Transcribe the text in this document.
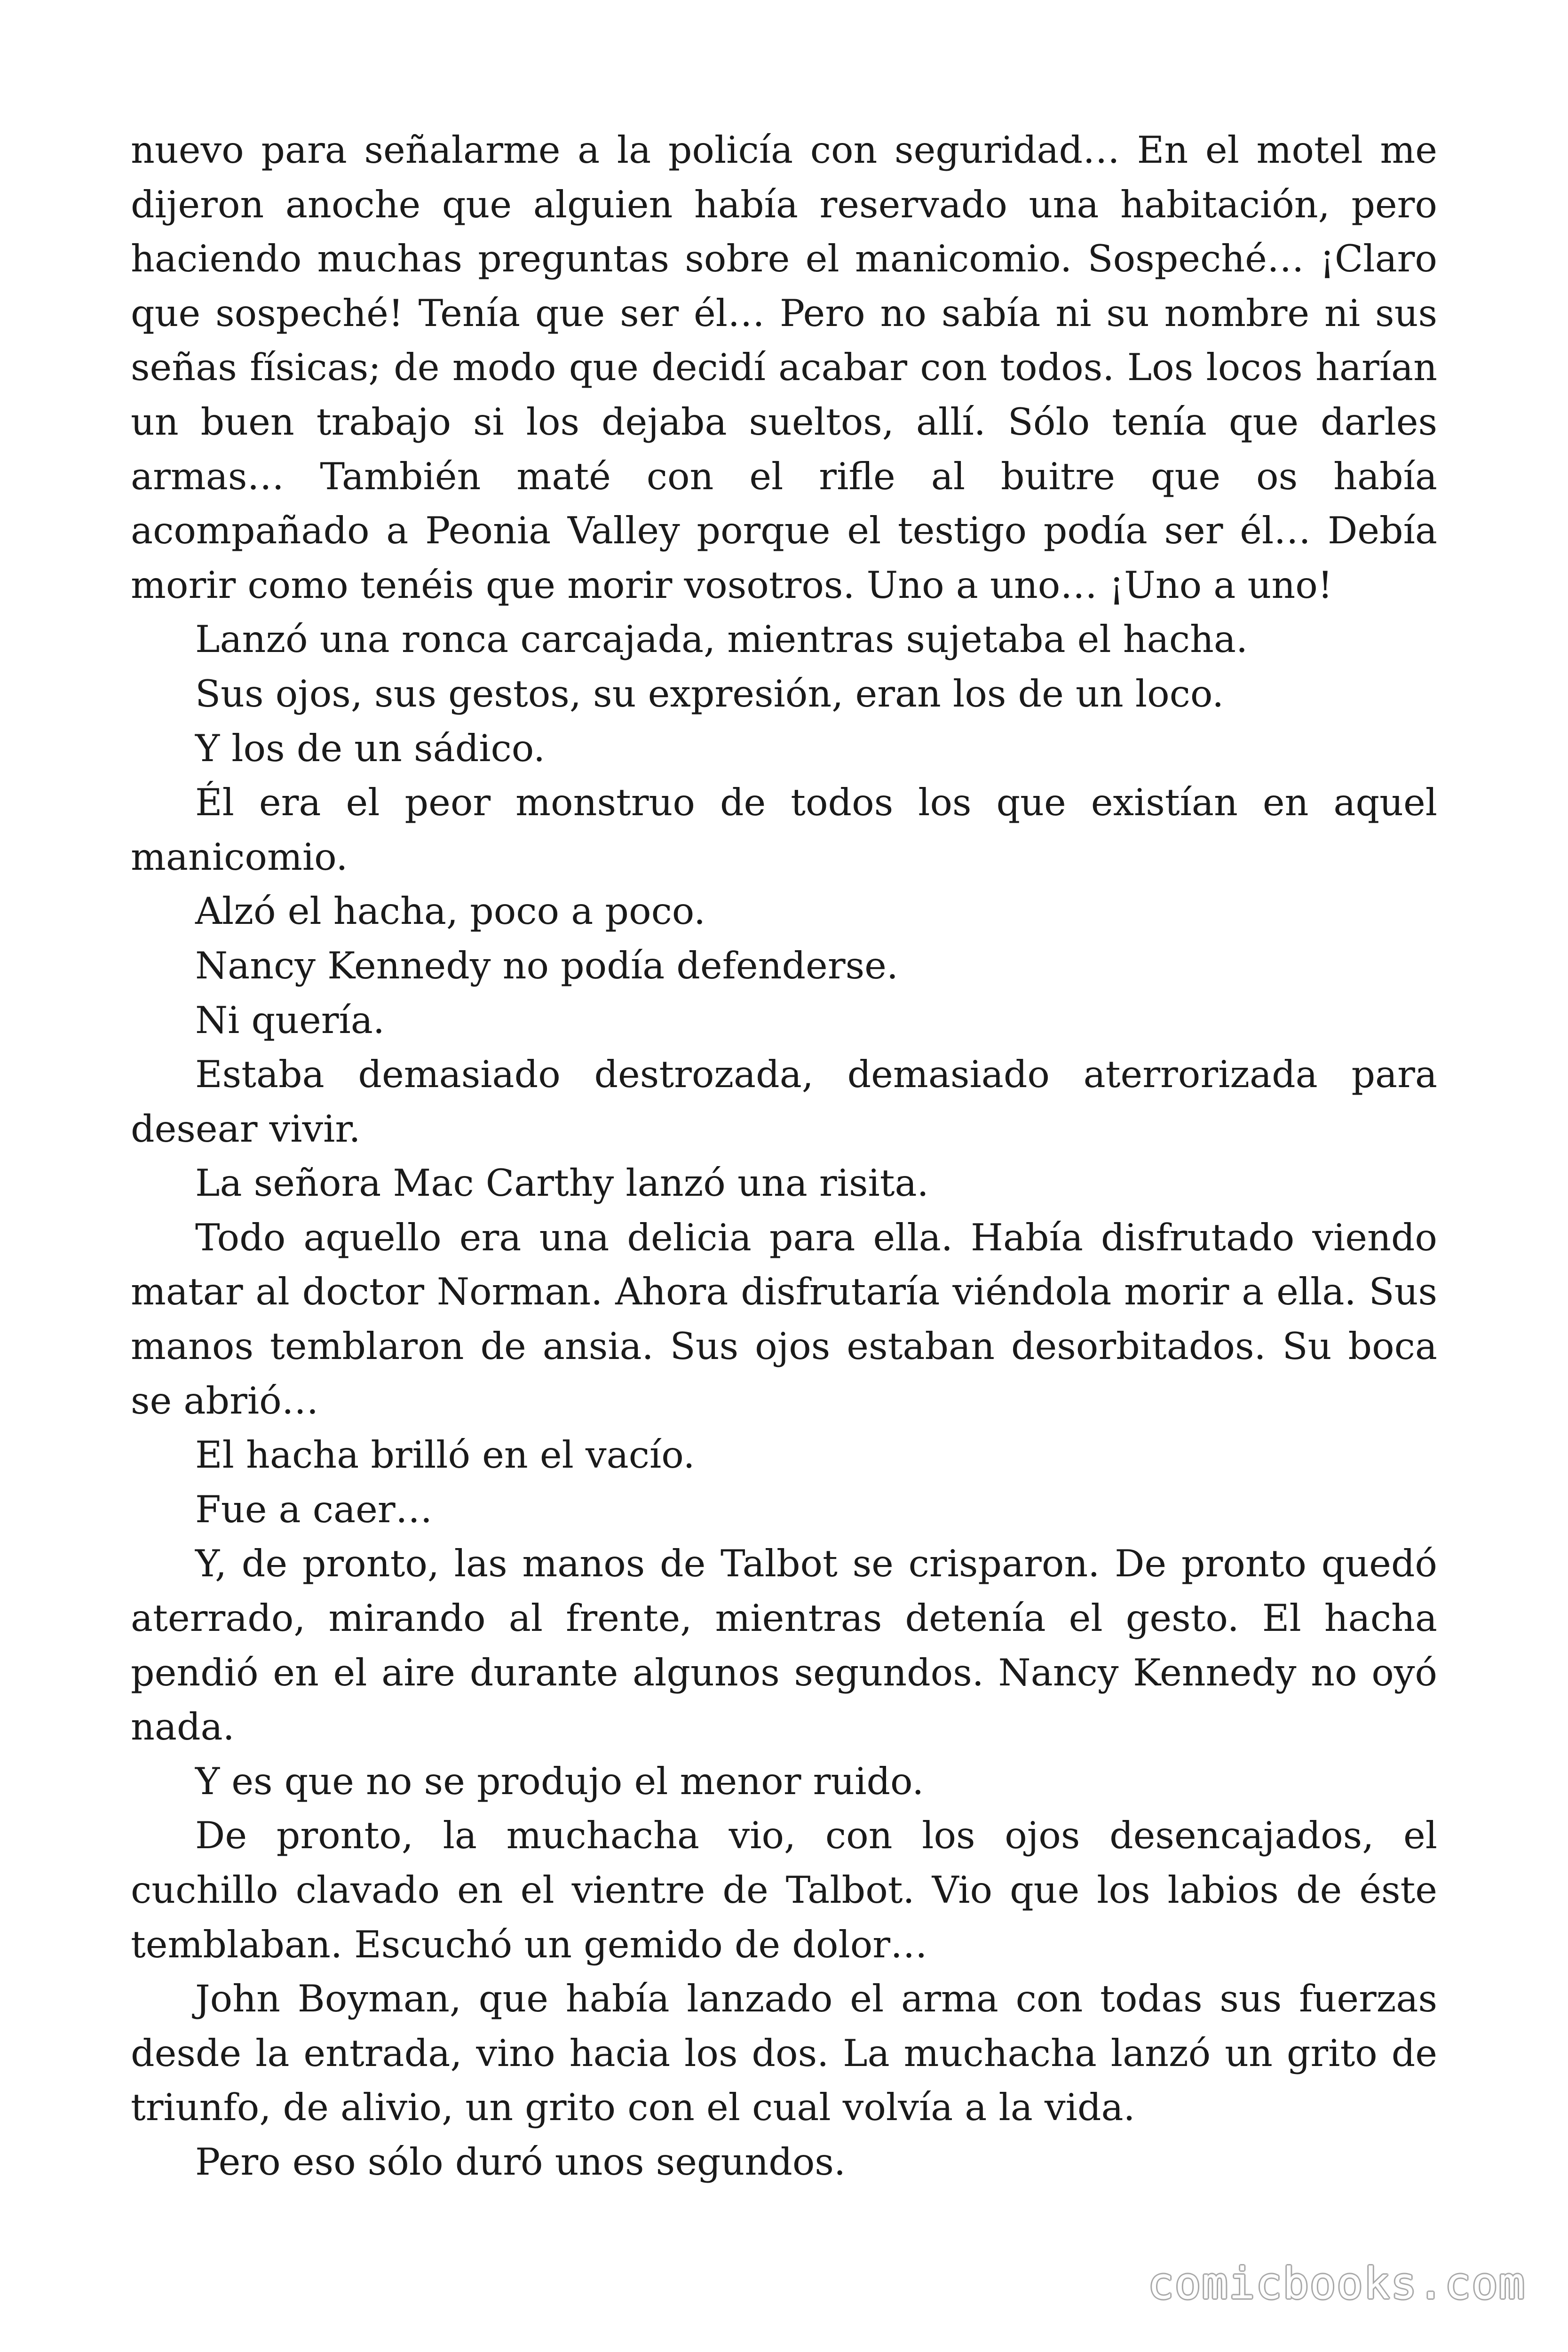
nuevo para señalarme a la policía con seguridad… En el motel me dijeron anoche que alguien había reservado una habitación, pero haciendo muchas preguntas sobre el manicomio. Sospeché… ¡Claro que sospeché! Tenía que ser él… Pero no sabía ni su nombre ni sus señas físicas; de modo que decidí acabar con todos. Los locos harían un buen trabajo si los dejaba sueltos, allí. Sólo tenía que darles armas… También maté con el rifle al buitre que os había acompañado a Peonia Valley porque el testigo podía ser él… Debía morir como tenéis que morir vosotros. Uno a uno… ¡Uno a uno!

Lanzó una ronca carcajada, mientras sujetaba el hacha.

Sus ojos, sus gestos, su expresión, eran los de un loco.

Y los de un sádico.

Él era el peor monstruo de todos los que existían en aquel manicomio.

Alzó el hacha, poco a poco.

Nancy Kennedy no podía defenderse.

Ni quería.

Estaba demasiado destrozada, demasiado aterrorizada para desear vivir.

La señora Mac Carthy lanzó una risita.

Todo aquello era una delicia para ella. Había disfrutado viendo matar al doctor Norman. Ahora disfrutaría viéndola morir a ella. Sus manos temblaron de ansia. Sus ojos estaban desorbitados. Su boca se abrió…

El hacha brilló en el vacío.

Fue a caer…

Y, de pronto, las manos de Talbot se crisparon. De pronto quedó aterrado, mirando al frente, mientras detenía el gesto. El hacha pendió en el aire durante algunos segundos. Nancy Kennedy no oyó nada.

Y es que no se produjo el menor ruido.

De pronto, la muchacha vio, con los ojos desencajados, el cuchillo clavado en el vientre de Talbot. Vio que los labios de éste temblaban. Escuchó un gemido de dolor…

John Boyman, que había lanzado el arma con todas sus fuerzas desde la entrada, vino hacia los dos. La muchacha lanzó un grito de triunfo, de alivio, un grito con el cual volvía a la vida.

Pero eso sólo duró unos segundos.

comicbooks.com
